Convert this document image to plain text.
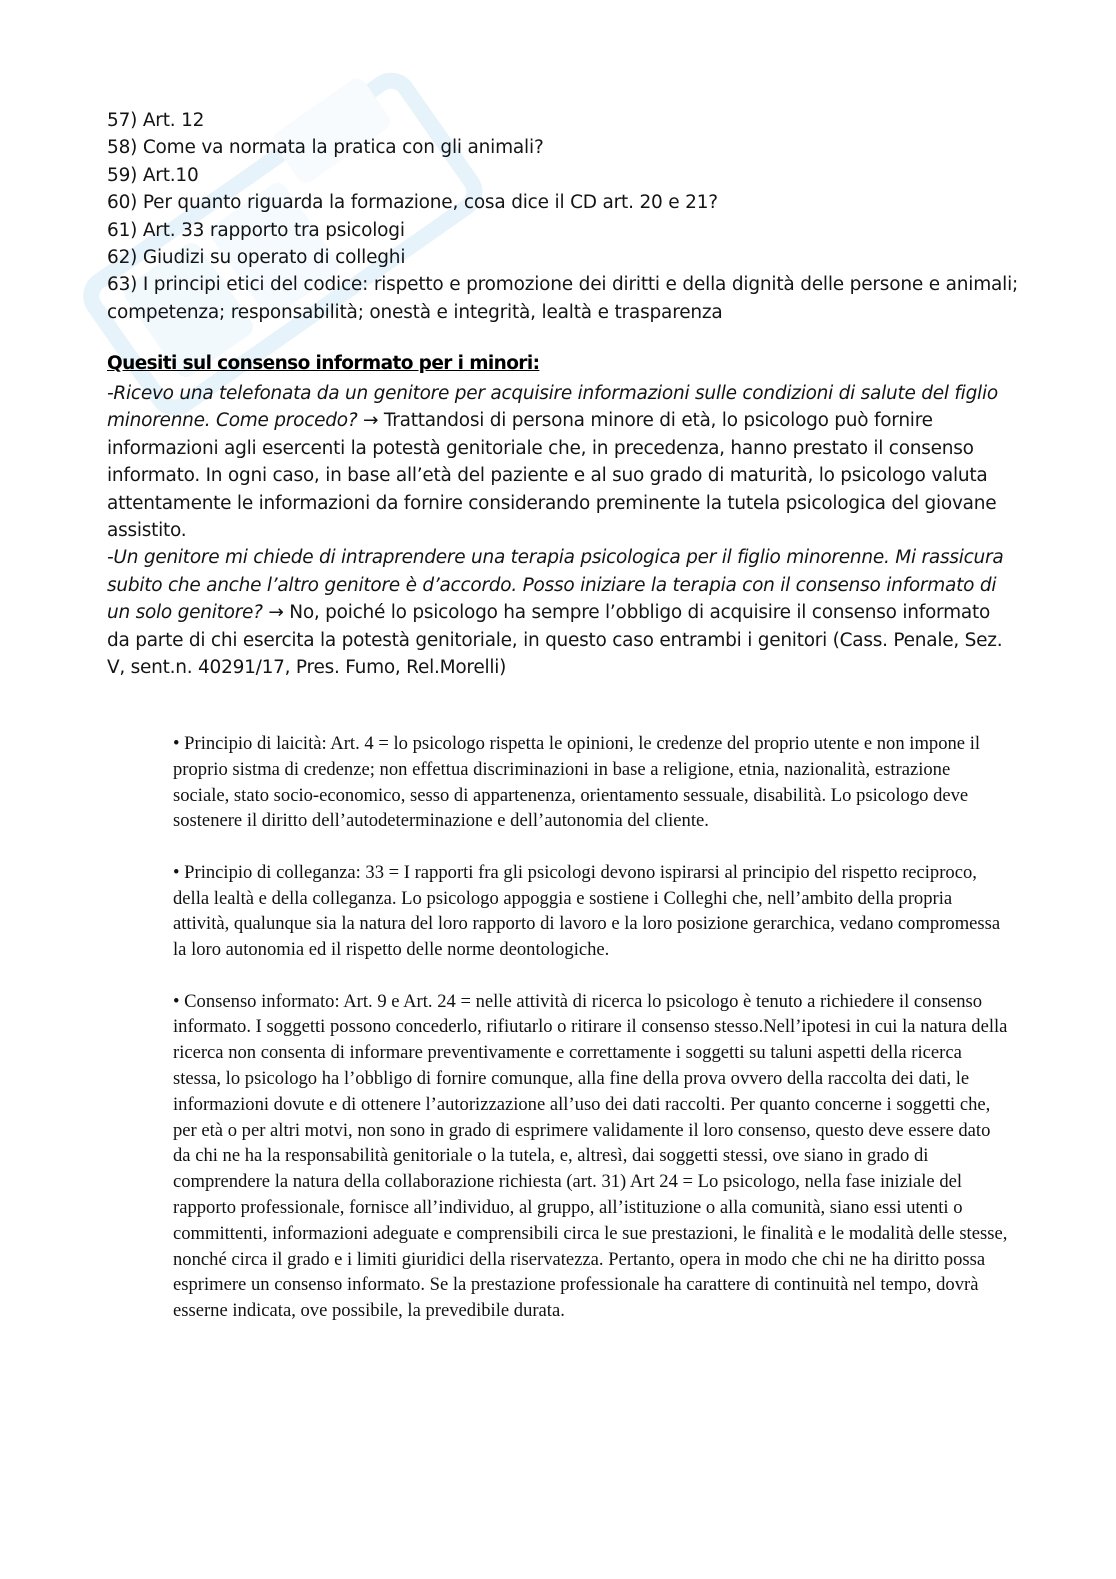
57) Art. 12
58) Come va normata la pratica con gli animali?
59) Art.10
60) Per quanto riguarda la formazione, cosa dice il CD art. 20 e 21?
61) Art. 33 rapporto tra psicologi
62) Giudizi su operato di colleghi
63) I principi etici del codice: rispetto e promozione dei diritti e della dignità delle persone e animali; competenza; responsabilità; onestà e integrità, lealtà e trasparenza
Quesiti sul consenso informato per i minori:

-Ricevo una telefonata da un genitore per acquisire informazioni sulle condizioni di salute del figlio minorenne. Come procedo? → Trattandosi di persona minore di età, lo psicologo può fornire informazioni agli esercenti la potestà genitoriale che, in precedenza, hanno prestato il consenso informato. In ogni caso, in base all’età del paziente e al suo grado di maturità, lo psicologo valuta attentamente le informazioni da fornire considerando preminente la tutela psicologica del giovane assistito.

-Un genitore mi chiede di intraprendere una terapia psicologica per il figlio minorenne. Mi rassicura subito che anche l’altro genitore è d’accordo. Posso iniziare la terapia con il consenso informato di un solo genitore? → No, poiché lo psicologo ha sempre l’obbligo di acquisire il consenso informato da parte di chi esercita la potestà genitoriale, in questo caso entrambi i genitori (Cass. Penale, Sez. V, sent.n. 40291/17, Pres. Fumo, Rel.Morelli)

• Principio di laicità: Art. 4 = lo psicologo rispetta le opinioni, le credenze del proprio utente e non impone il proprio sistma di credenze; non effettua discriminazioni in base a religione, etnia, nazionalità, estrazione sociale, stato socio-economico, sesso di appartenenza, orientamento sessuale, disabilità. Lo psicologo deve sostenere il diritto dell’autodeterminazione e dell’autonomia del cliente.

• Principio di colleganza: 33 = I rapporti fra gli psicologi devono ispirarsi al principio del rispetto reciproco, della lealtà e della colleganza. Lo psicologo appoggia e sostiene i Colleghi che, nell’ambito della propria attività, qualunque sia la natura del loro rapporto di lavoro e la loro posizione gerarchica, vedano compromessa la loro autonomia ed il rispetto delle norme deontologiche.

• Consenso informato: Art. 9 e Art. 24 = nelle attività di ricerca lo psicologo è tenuto a richiedere il consenso informato. I soggetti possono concederlo, rifiutarlo o ritirare il consenso stesso.Nell’ipotesi in cui la natura della ricerca non consenta di informare preventivamente e correttamente i soggetti su taluni aspetti della ricerca stessa, lo psicologo ha l’obbligo di fornire comunque, alla fine della prova ovvero della raccolta dei dati, le informazioni dovute e di ottenere l’autorizzazione all’uso dei dati raccolti. Per quanto concerne i soggetti che, per età o per altri motvi, non sono in grado di esprimere validamente il loro consenso, questo deve essere dato da chi ne ha la responsabilità genitoriale o la tutela, e, altresì, dai soggetti stessi, ove siano in grado di comprendere la natura della collaborazione richiesta (art. 31) Art 24 = Lo psicologo, nella fase iniziale del rapporto professionale, fornisce all’individuo, al gruppo, all’istituzione o alla comunità, siano essi utenti o committenti, informazioni adeguate e comprensibili circa le sue prestazioni, le finalità e le modalità delle stesse, nonché circa il grado e i limiti giuridici della riservatezza. Pertanto, opera in modo che chi ne ha diritto possa esprimere un consenso informato. Se la prestazione professionale ha carattere di continuità nel tempo, dovrà esserne indicata, ove possibile, la prevedibile durata.
